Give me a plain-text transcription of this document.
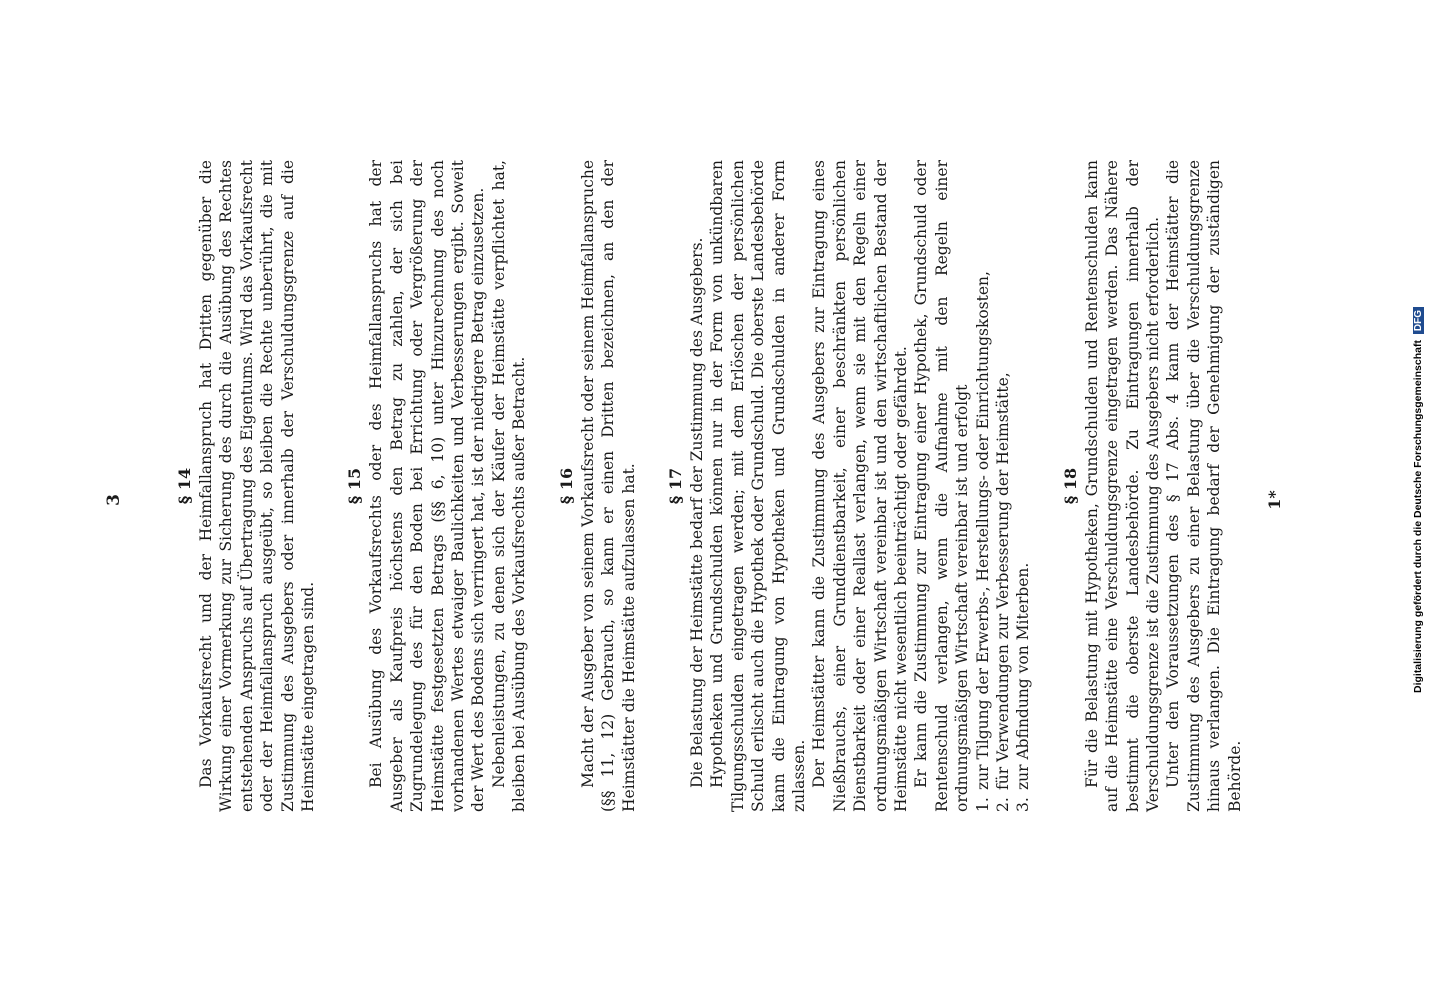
3	§ 14 Das Vorkaufsrecht und der Heimfallanspruch hat Dritten gegenüber die Wirkung einer Vormerkung zur Sicherung des durch die Ausübung des Rechtes entstehenden Anspruchs auf Übertragung des Eigentums. Wird das Vorkaufsrecht oder der Heimfallanspruch ausgeübt, so bleiben die Rechte unberührt, die mit Zustimmung des Ausgebers oder innerhalb der Verschuldungsgrenze auf die Heimstätte eingetragen sind.

§ 15 Bei Ausübung des Vorkaufsrechts oder des Heimfallanspruchs hat der Ausgeber als Kaufpreis höchstens den Betrag zu zahlen, der sich bei Zugrundelegung des für den Boden bei Errichtung oder Vergrößerung der Heimstätte festgesetzten Betrags (§§ 6, 10) unter Hinzurechnung des noch vorhandenen Wertes etwaiger Baulichkeiten und Verbesserungen ergibt. Soweit der Wert des Bodens sich verringert hat, ist der niedrigere Betrag einzusetzen. Nebenleistungen, zu denen sich der Käufer der Heimstätte verpflichtet hat, bleiben bei Ausübung des Vorkaufsrechts außer Betracht. § 16 Macht der Ausgeber von seinem Vorkaufsrecht oder seinem Heimfallanspruche (§§ 11, 12) Gebrauch, so kann er einen Dritten bezeichnen, an den der Heimstätter die Heimstätte aufzulassen hat. § 17 Die Belastung der Heimstätte bedarf der Zustimmung des Ausgebers. Hypotheken und Grundschulden können nur in der Form von unkündbaren Tilgungsschulden eingetragen werden; mit dem Erlöschen der persönlichen Schuld erlischt auch die Hypothek oder Grundschuld. Die oberste Landesbehörde kann die Eintragung von Hypotheken und Grundschulden in anderer Form zulassen. Der Heimstätter kann die Zustimmung des Ausgebers zur Eintragung eines Nießbrauchs, einer Grunddienstbarkeit, einer beschränkten persönlichen Dienstbarkeit oder einer Reallast verlangen, wenn sie mit den Regeln einer ordnungsmäßigen Wirtschaft vereinbar ist und den wirtschaftlichen Bestand der Heimstätte nicht wesentlich beeinträchtigt oder gefährdet. Er kann die Zustimmung zur Eintragung einer Hypothek, Grundschuld oder Rentenschuld verlangen, wenn die Aufnahme mit den Regeln einer ordnungsmäßigen Wirtschaft vereinbar ist und erfolgt 1.zur Tilgung der Erwerbs-, Herstellungs- oder Einrichtungskosten,
2.für Verwendungen zur Verbesserung der Heimstätte,
3.zur Abfindung von Miterben.
§ 18 Für die Belastung mit Hypotheken, Grundschulden und Rentenschulden kann auf die Heimstätte eine Verschuldungsgrenze eingetragen werden. Das Nähere bestimmt die oberste Landesbehörde. Zu Eintragungen innerhalb der Verschuldungsgrenze ist die Zustimmung des Ausgebers nicht erforderlich. Unter den Voraussetzungen des § 17 Abs. 4 kann der Heimstätter die Zustimmung des Ausgebers zu einer Belastung über die Verschuldungsgrenze hinaus verlangen. Die Eintragung bedarf der Genehmigung der zuständigen Behörde.

1*	Digitalisierung gefördert durch die Deutsche Forschungsgemeinschaft DFG
